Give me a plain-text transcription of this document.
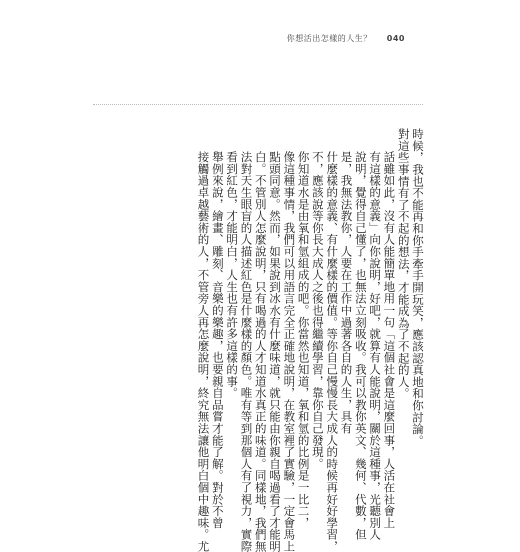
你想活出怎樣的人生？ 040
時候，我也不能再和你手牽手開玩笑，應該認真地和你討論。
對這些事情有了不起的想法，才能成為了不起的人。
話雖如此，沒有人能簡單地用一句「這個社會是這麼回事，人活在社會上
有這樣的意義」向你說明，好吧，就算有人能說明，關於這種事，光聽別人
說明，覺得自己懂了，也無法立刻吸收。我可以教你英文、幾何、代數，但
是，我無法教你，人要在工作中過著各自的人生，具有
什麼樣的意義、有什麼樣的價值。等你自己慢慢長大成人的時候再好好學習，
不，應該說等你長大成人之後也得繼續學習，靠你自己發現。
你知道水是由氧和氫組成的吧。你當然也知道，氧和氫的比例是一比二，
像這種事情，我們可以用語言完全正確地說明，在教室裡了實驗，一定會馬上
點頭同意。然而，如果說到冰水有什麼味道，就只能由你親自喝過看了才能明
白。不管別人怎麼說明，只有喝過的人才知道水真正的味道。同樣地，我們無
法對天生眼盲的人描述紅色是什麼樣的顏色。唯有等到那個人有了視力，實際
看到紅色，才能明白，人生也有許多這樣的事。
舉例來說，繪畫、雕刻、音樂的樂趣，也要親自品嘗才能了解。對於不曾
接觸過卓越藝術的人，不管旁人再怎麼說明，終究無法讓他明白個中趣味。尤
